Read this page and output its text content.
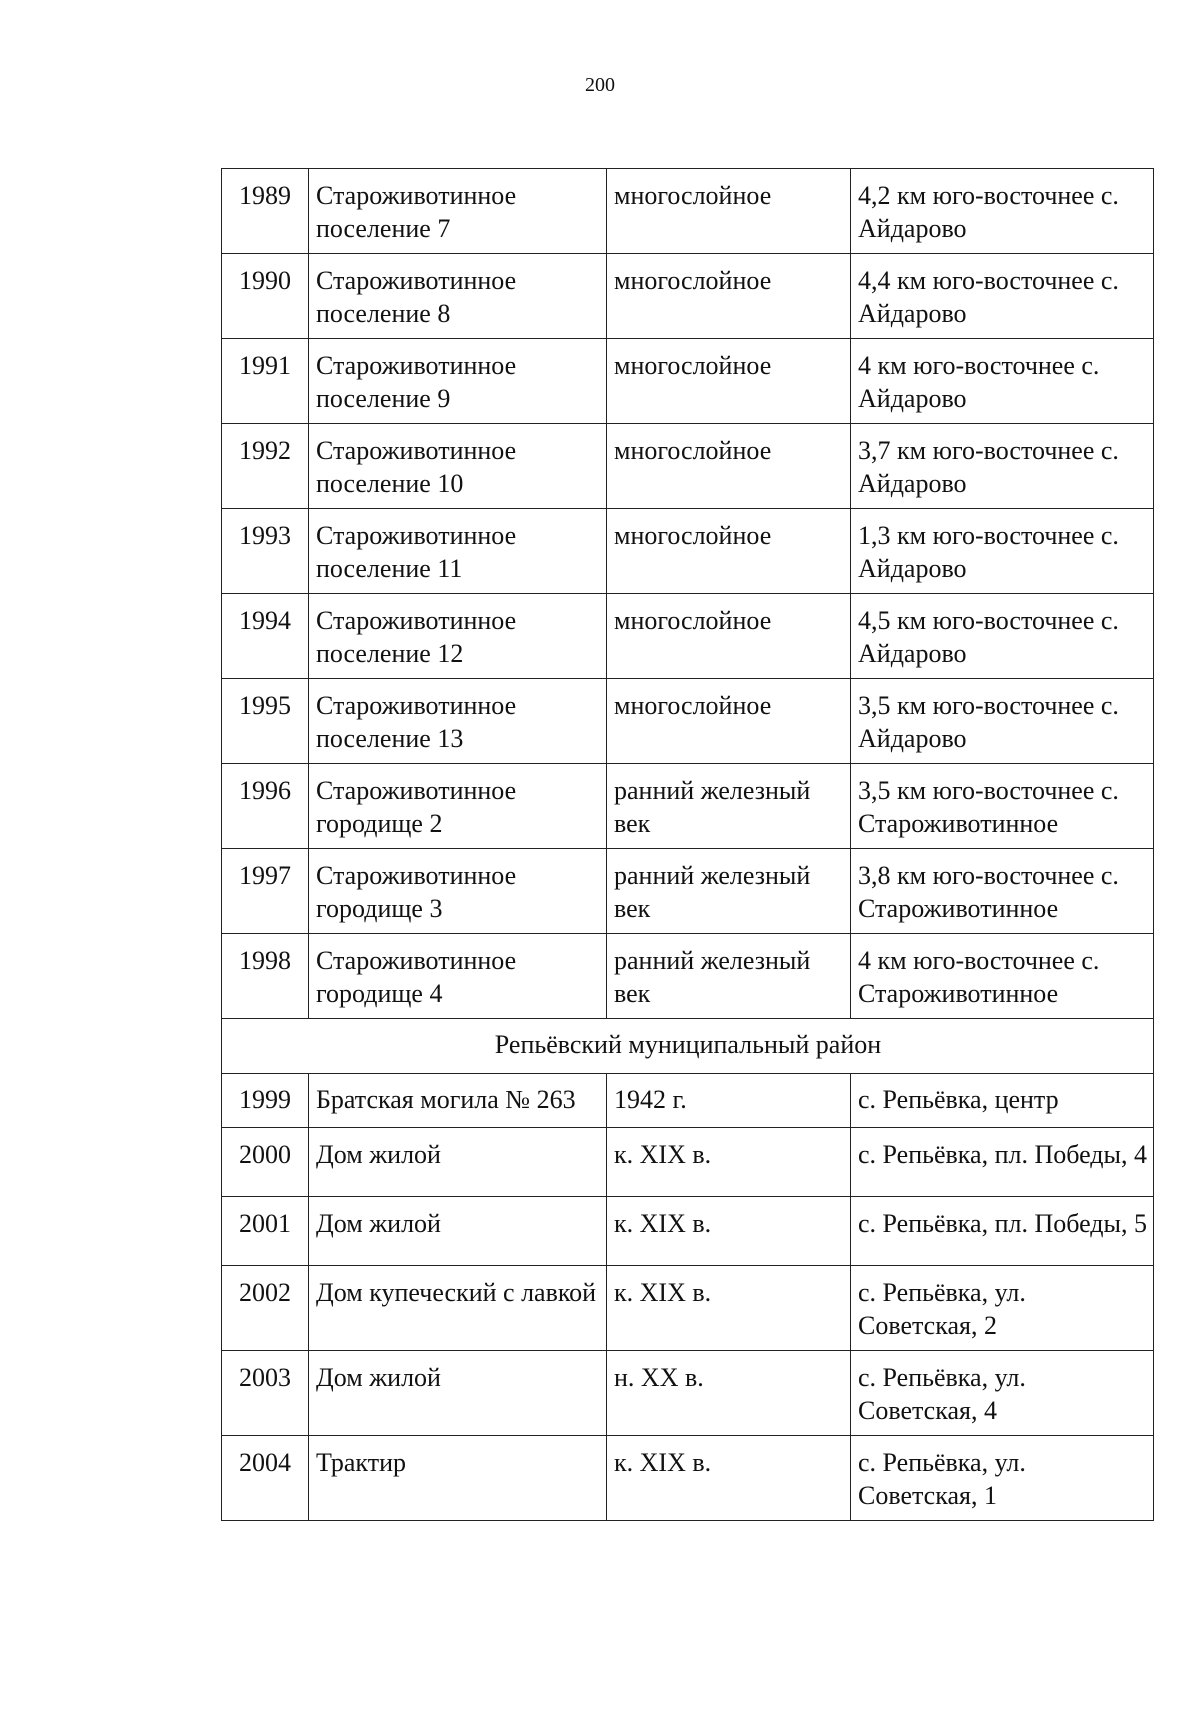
200
1989	Староживотинное поселение 7	многослойное	4,2 км юго-восточнее с. Айдарово
1990	Староживотинное поселение 8	многослойное	4,4 км юго-восточнее с. Айдарово
1991	Староживотинное поселение 9	многослойное	4 км юго-восточнее с. Айдарово
1992	Староживотинное поселение 10	многослойное	3,7 км юго-восточнее с. Айдарово
1993	Староживотинное поселение 11	многослойное	1,3 км юго-восточнее с. Айдарово
1994	Староживотинное поселение 12	многослойное	4,5 км юго-восточнее с. Айдарово
1995	Староживотинное поселение 13	многослойное	3,5 км юго-восточнее с. Айдарово
1996	Староживотинное городище 2	ранний железный век	3,5 км юго-восточнее с. Староживотинное
1997	Староживотинное городище 3	ранний железный век	3,8 км юго-восточнее с. Староживотинное
1998	Староживотинное городище 4	ранний железный век	4 км юго-восточнее с. Староживотинное
Репьёвский муниципальный район			
1999	Братская могила № 263	1942 г.	с. Репьёвка, центр
2000	Дом жилой	к. XIX в.	с. Репьёвка, пл. Победы, 4
2001	Дом жилой	к. XIX в.	с. Репьёвка, пл. Победы, 5
2002	Дом купеческий с лавкой	к. XIX в.	с. Репьёвка, ул. Советская, 2
2003	Дом жилой	н. XX в.	с. Репьёвка, ул. Советская, 4
2004	Трактир	к. XIX в.	с. Репьёвка, ул. Советская, 1
